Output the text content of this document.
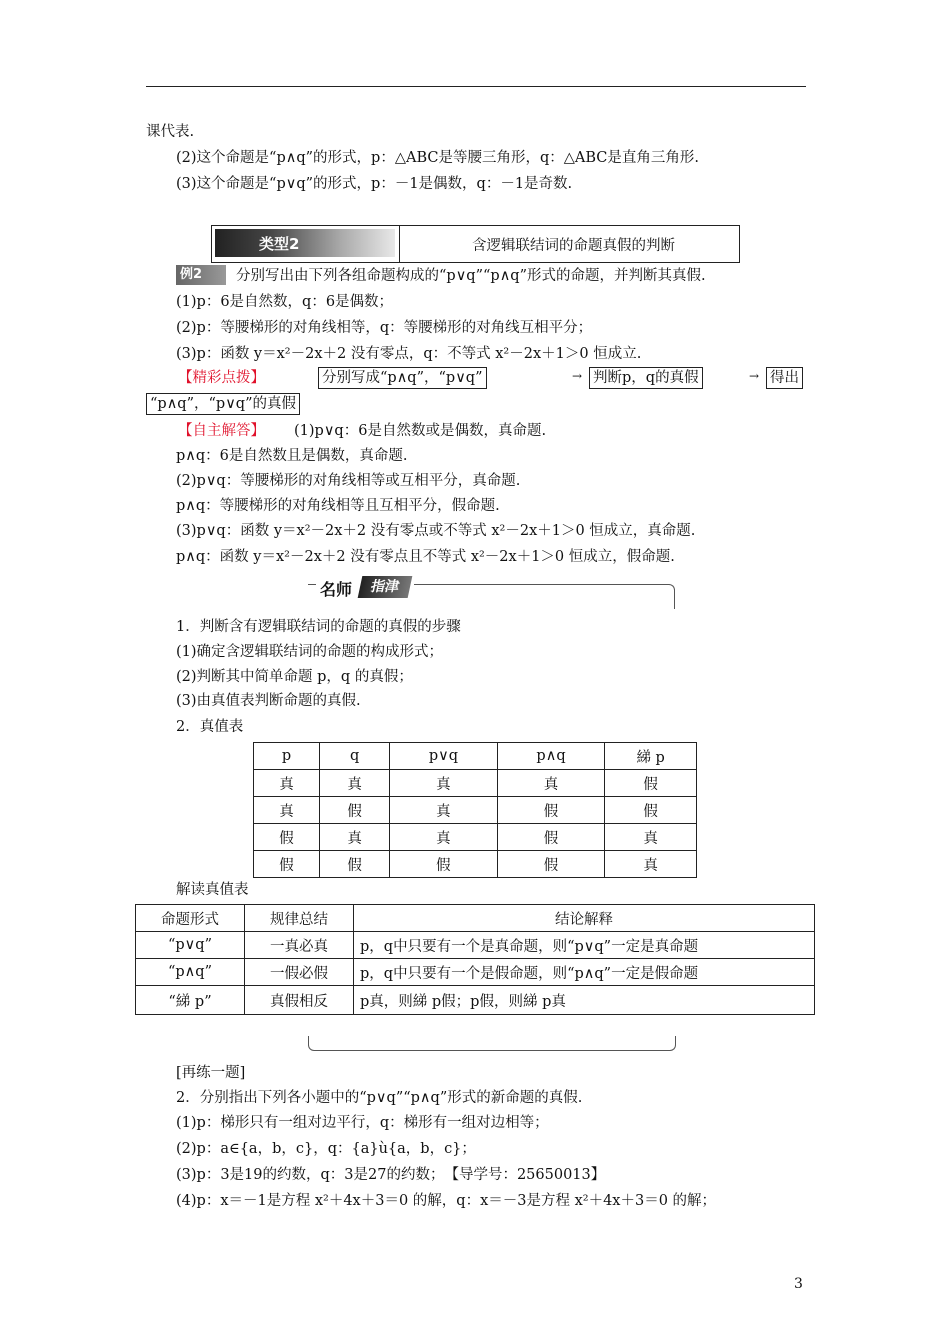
课代表.
(2)这个命题是“p∧q”的形式，p：△ABC是等腰三角形，q：△ABC是直角三角形.
(3)这个命题是“p∨q”的形式，p：－1是偶数，q：－1是奇数.
类型2	含逻辑联结词的命题真假的判断
例2	分别写出由下列各组命题构成的“p∨q”“p∧q”形式的命题，并判断其真假.
(1)p：6是自然数，q：6是偶数；
(2)p：等腰梯形的对角线相等，q：等腰梯形的对角线互相平分；
(3)p：函数 y＝x²－2x＋2 没有零点，q：不等式 x²－2x＋1＞0 恒成立.
【精彩点拨】	分别写成“p∧q”，“p∨q”	→ 判断p，q的真假	→ 得出
“p∧q”，“p∨q”的真假
【自主解答】 (1)p∨q：6是自然数或是偶数，真命题.
p∧q：6是自然数且是偶数，真命题.
(2)p∨q：等腰梯形的对角线相等或互相平分，真命题.
p∧q：等腰梯形的对角线相等且互相平分，假命题.
(3)p∨q：函数 y＝x²－2x＋2 没有零点或不等式 x²－2x＋1＞0 恒成立，真命题.
p∧q：函数 y＝x²－2x＋2 没有零点且不等式 x²－2x＋1＞0 恒成立，假命题.
名师	指津
1．判断含有逻辑联结词的命题的真假的步骤
(1)确定含逻辑联结词的命题的构成形式；
(2)判断其中简单命题 p，q 的真假；
(3)由真值表判断命题的真假.
2．真值表
p	q	p∨q	p∧q	綈 p
真	真	真	真	假
真	假	真	假	假
假	真	真	假	真
假	假	假	假	真
解读真值表
命题形式	规律总结	结论解释
“p∨q”	一真必真	p，q中只要有一个是真命题，则“p∨q”一定是真命题
“p∧q”	一假必假	p，q中只要有一个是假命题，则“p∧q”一定是假命题
“綈 p”	真假相反	p真，则綈 p假；p假，则綈 p真
[再练一题]
2．分别指出下列各小题中的“p∨q”“p∧q”形式的新命题的真假.
(1)p：梯形只有一组对边平行，q：梯形有一组对边相等；
(2)p：a∈{a，b，c}，q：{a}ù{a，b，c}；
(3)p：3是19的约数，q：3是27的约数；　【导学号：25650013】
(4)p：x＝－1是方程 x²＋4x＋3＝0 的解，q：x＝－3是方程 x²＋4x＋3＝0 的解；
3
